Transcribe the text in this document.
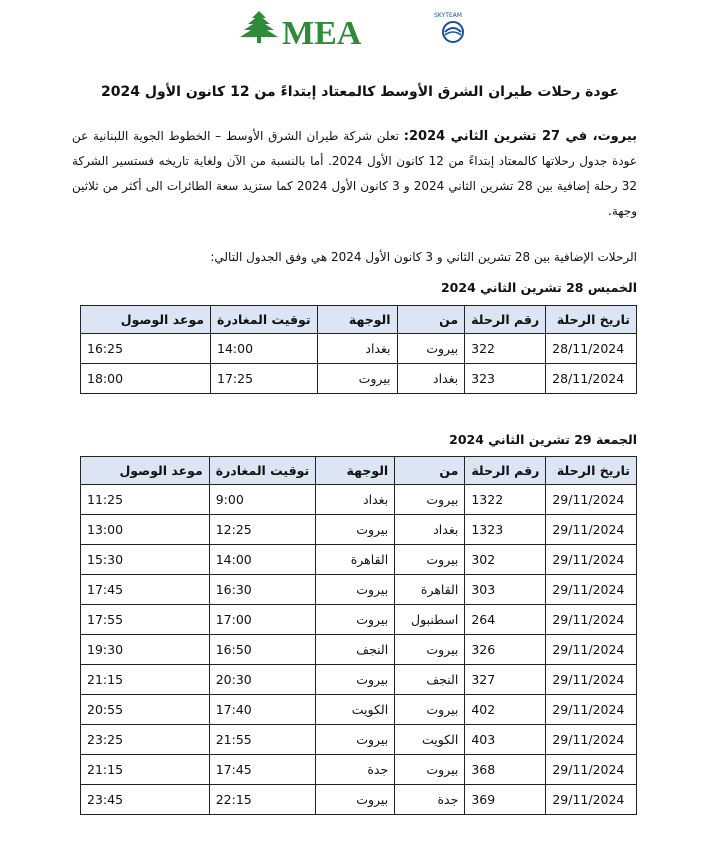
MEA	SKYTEAM
عودة رحلات طيران الشرق الأوسط كالمعتاد إبتداءً من 12 كانون الأول 2024
بيروت، في 27 تشرين الثاني 2024: تعلن شركة طيران الشرق الأوسط – الخطوط الجوية اللبنانية عن عودة جدول رحلاتها كالمعتاد إبتداءً من 12 كانون الأول 2024. أما بالنسبة من الآن ولغاية تاريخه فستسير الشركة 32 رحلة إضافية بين 28 تشرين الثاني 2024 و 3 كانون الأول 2024 كما ستزيد سعة الطائرات الى أكثر من ثلاثين وجهة.
الرحلات الإضافية بين 28 تشرين الثاني و 3 كانون الأول 2024 هي وفق الجدول التالي:
الخميس 28 تشرين الثاني 2024
تاريخ الرحلة	رقم الرحلة	من	الوجهة	توقيت المغادرة	موعد الوصول
28/11/2024	322	بيروت	بغداد	14:00	16:25
28/11/2024	323	بغداد	بيروت	17:25	18:00
الجمعة 29 تشرين الثاني 2024
تاريخ الرحلة	رقم الرحلة	من	الوجهة	توقيت المغادرة	موعد الوصول
29/11/2024	1322	بيروت	بغداد	9:00	11:25
29/11/2024	1323	بغداد	بيروت	12:25	13:00
29/11/2024	302	بيروت	القاهرة	14:00	15:30
29/11/2024	303	القاهرة	بيروت	16:30	17:45
29/11/2024	264	اسطنبول	بيروت	17:00	17:55
29/11/2024	326	بيروت	النجف	16:50	19:30
29/11/2024	327	النجف	بيروت	20:30	21:15
29/11/2024	402	بيروت	الكويت	17:40	20:55
29/11/2024	403	الكويت	بيروت	21:55	23:25
29/11/2024	368	بيروت	جدة	17:45	21:15
29/11/2024	369	جدة	بيروت	22:15	23:45
